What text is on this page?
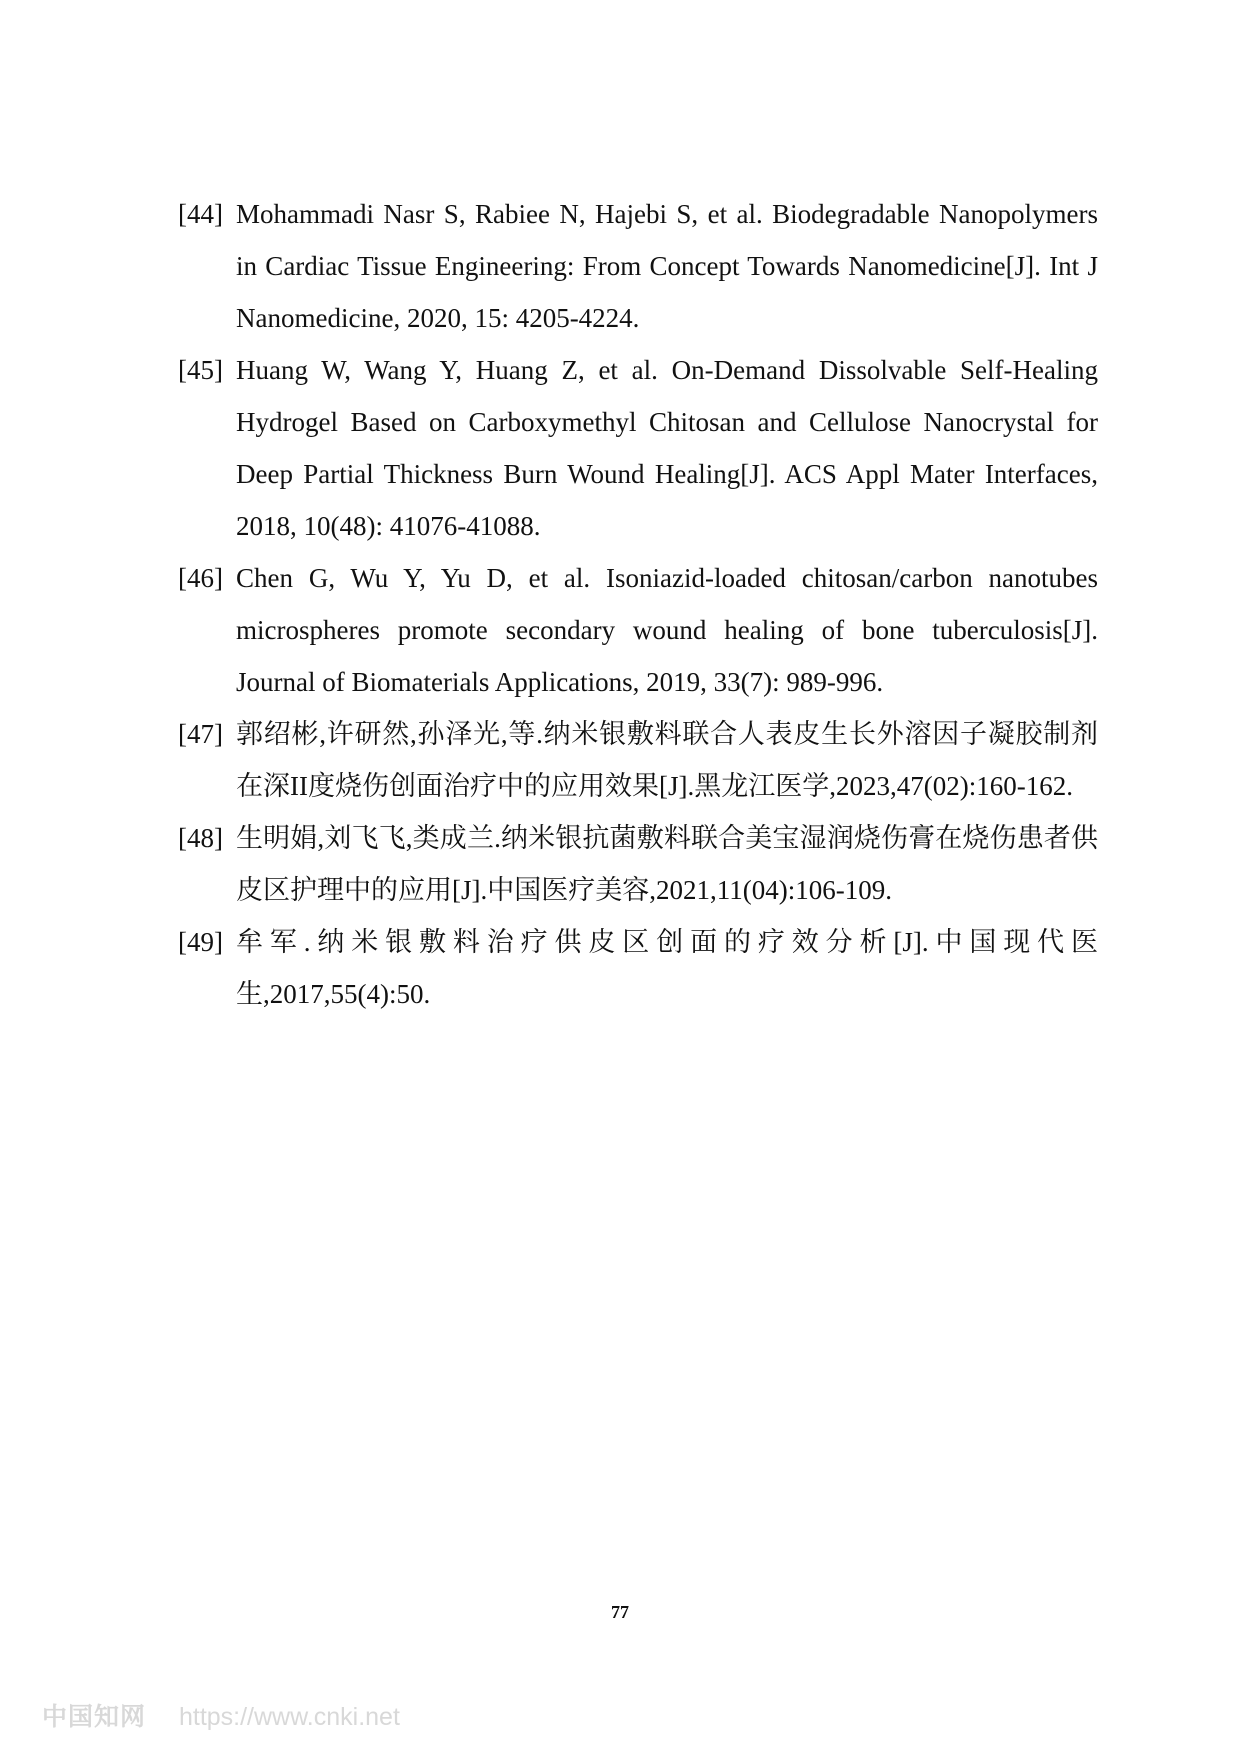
[44] Mohammadi Nasr S, Rabiee N, Hajebi S, et al. Biodegradable Nanopolymers in Cardiac Tissue Engineering: From Concept Towards Nanomedicine[J]. Int J Nanomedicine, 2020, 15: 4205-4224.
[45] Huang W, Wang Y, Huang Z, et al. On-Demand Dissolvable Self-Healing Hydrogel Based on Carboxymethyl Chitosan and Cellulose Nanocrystal for Deep Partial Thickness Burn Wound Healing[J]. ACS Appl Mater Interfaces, 2018, 10(48): 41076-41088.
[46] Chen G, Wu Y, Yu D, et al. Isoniazid-loaded chitosan/carbon nanotubes microspheres promote secondary wound healing of bone tuberculosis[J]. Journal of Biomaterials Applications, 2019, 33(7): 989-996.
[47] 郭绍彬,许研然,孙泽光,等.纳米银敷料联合人表皮生长外溶因子凝胶制剂在深II度烧伤创面治疗中的应用效果[J].黑龙江医学,2023,47(02):160-162.
[48] 生明娟,刘飞飞,类成兰.纳米银抗菌敷料联合美宝湿润烧伤膏在烧伤患者供皮区护理中的应用[J].中国医疗美容,2021,11(04):106-109.
[49] 牟军.纳米银敷料治疗供皮区创面的疗效分析[J].中国现代医生,2017,55(4):50.
77
中国知网 https://www.cnki.net
